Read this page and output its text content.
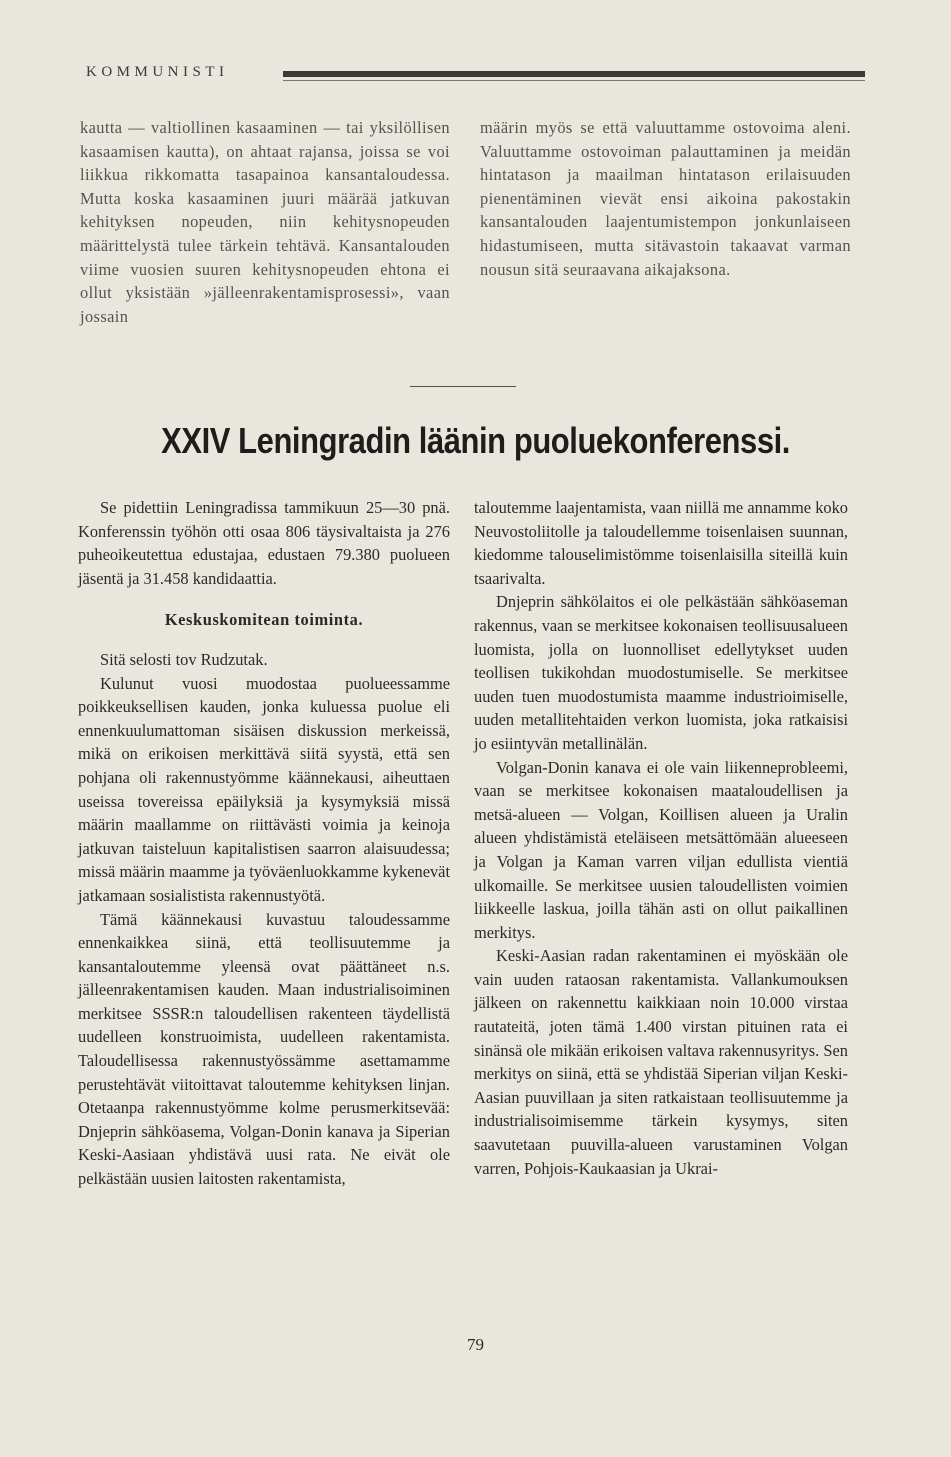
KOMMUNISTI

kautta — valtiollinen kasaaminen — tai yksilöllisen kasaamisen kautta), on ahtaat rajansa, joissa se voi liikkua rikkomatta tasapainoa kansantaloudessa. Mutta koska kasaaminen juuri määrää jatkuvan kehityksen nopeuden, niin kehitysnopeuden määrittelystä tulee tärkein tehtävä. Kansantalouden viime vuosien suuren kehitysnopeuden ehtona ei ollut yksistään »jälleenrakentamisprosessi», vaan jossain

määrin myös se että valuuttamme ostovoima aleni. Valuuttamme ostovoiman palauttaminen ja meidän hintatason ja maailman hintatason erilaisuuden pienentäminen vievät ensi aikoina pakostakin kansantalouden laajentumistempon jonkunlaiseen hidastumiseen, mutta sitävastoin takaavat varman nousun sitä seuraavana aikajaksona.

XXIV Leningradin läänin puoluekonferenssi.

Se pidettiin Leningradissa tammikuun 25—30 pnä. Konferenssin työhön otti osaa 806 täysivaltaista ja 276 puheoikeutettua edustajaa, edustaen 79.380 puolueen jäsentä ja 31.458 kandidaattia.

Keskuskomitean toiminta.

Sitä selosti tov Rudzutak.

Kulunut vuosi muodostaa puolueessamme poikkeuksellisen kauden, jonka kuluessa puolue eli ennenkuulumattoman sisäisen diskussion merkeissä, mikä on erikoisen merkittävä siitä syystä, että sen pohjana oli rakennustyömme käännekausi, aiheuttaen useissa tovereissa epäilyksiä ja kysymyksiä missä määrin maallamme on riittävästi voimia ja keinoja jatkuvan taisteluun kapitalistisen saarron alaisuudessa; missä määrin maamme ja työväenluokkamme kykenevät jatkamaan sosialistista rakennustyötä.

Tämä käännekausi kuvastuu taloudessamme ennenkaikkea siinä, että teollisuutemme ja kansantaloutemme yleensä ovat päättäneet n.s. jälleenrakentamisen kauden. Maan industrialisoiminen merkitsee SSSR:n taloudellisen rakenteen täydellistä uudelleen konstruoimista, uudelleen rakentamista. Taloudellisessa rakennustyössämme asettamamme perustehtävät viitoittavat taloutemme kehityksen linjan. Otetaanpa rakennustyömme kolme perusmerkitsevää: Dnjeprin sähköasema, Volgan-Donin kanava ja Siperian Keski-Aasiaan yhdistävä uusi rata. Ne eivät ole pelkästään uusien laitosten rakentamista,

taloutemme laajentamista, vaan niillä me annamme koko Neuvostoliitolle ja taloudellemme toisenlaisen suunnan, kiedomme talouselimistömme toisenlaisilla siteillä kuin tsaarivalta.

Dnjeprin sähkölaitos ei ole pelkästään sähköaseman rakennus, vaan se merkitsee kokonaisen teollisuusalueen luomista, jolla on luonnolliset edellytykset uuden teollisen tukikohdan muodostumiselle. Se merkitsee uuden tuen muodostumista maamme industrioimiselle, uuden metallitehtaiden verkon luomista, joka ratkaisisi jo esiintyvän metallinälän.

Volgan-Donin kanava ei ole vain liikenneprobleemi, vaan se merkitsee kokonaisen maataloudellisen ja metsä-alueen — Volgan, Koillisen alueen ja Uralin alueen yhdistämistä eteläiseen metsättömään alueeseen ja Volgan ja Kaman varren viljan edullista vientiä ulkomaille. Se merkitsee uusien taloudellisten voimien liikkeelle laskua, joilla tähän asti on ollut paikallinen merkitys.

Keski-Aasian radan rakentaminen ei myöskään ole vain uuden rataosan rakentamista. Vallankumouksen jälkeen on rakennettu kaikkiaan noin 10.000 virstaa rautateitä, joten tämä 1.400 virstan pituinen rata ei sinänsä ole mikään erikoisen valtava rakennusyritys. Sen merkitys on siinä, että se yhdistää Siperian viljan Keski-Aasian puuvillaan ja siten ratkaistaan teollisuutemme ja industrialisoimisemme tärkein kysymys, siten saavutetaan puuvilla-alueen varustaminen Volgan varren, Pohjois-Kaukaasian ja Ukrai-

79
